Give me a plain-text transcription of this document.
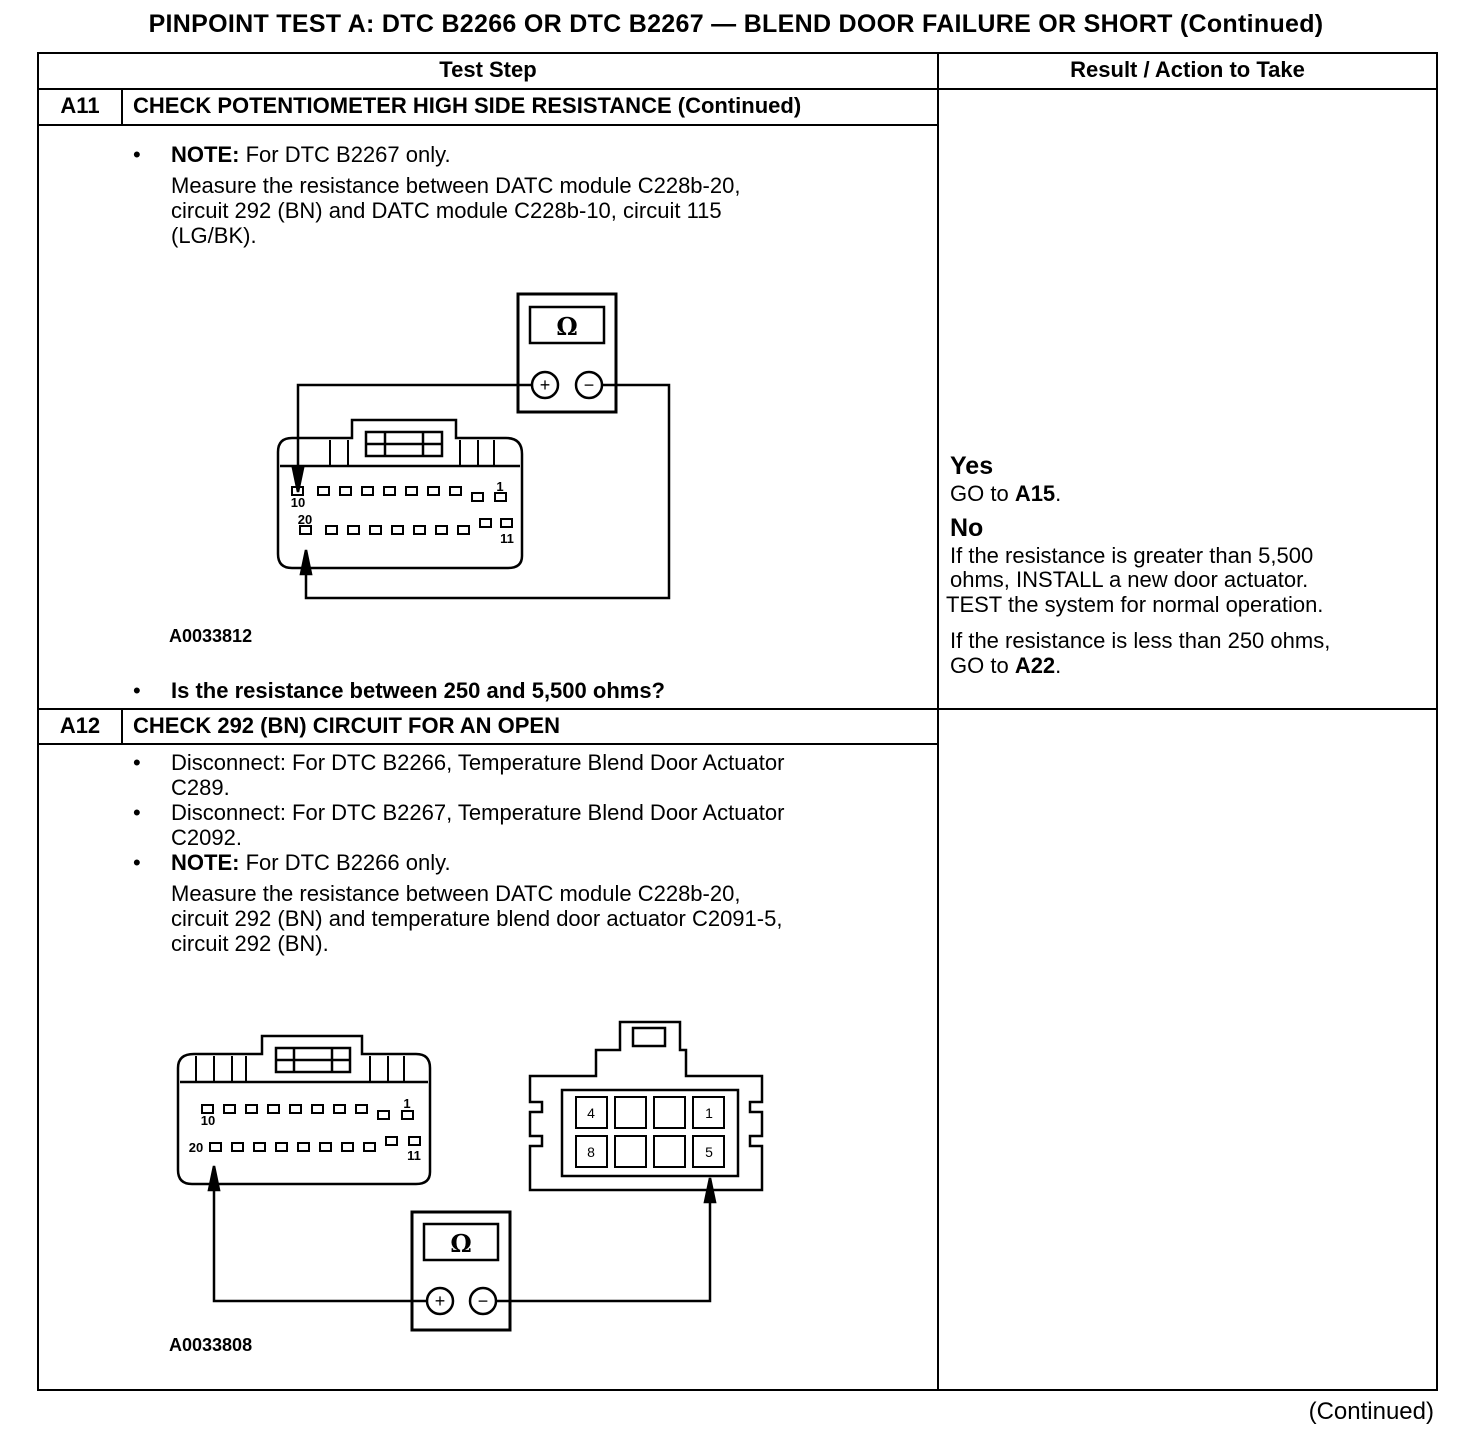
PINPOINT TEST A: DTC B2266 OR DTC B2267 — BLEND DOOR FAILURE OR SHORT (Continued)
Test Step	Result / Action to Take
A11	CHECK POTENTIOMETER HIGH SIDE RESISTANCE (Continued)
• NOTE: For DTC B2267 only.
Measure the resistance between DATC module C228b-20,
circuit 292 (BN) and DATC module C228b-10, circuit 115
(LG/BK).
Ω
+ −
10
1
20
11
10
1
20
11
4	1
8	5
Ω
+ −
A0033812
• Is the resistance between 250 and 5,500 ohms?
Yes
GO to A15.
No
If the resistance is greater than 5,500
ohms, INSTALL a new door actuator.
TEST the system for normal operation.
If the resistance is less than 250 ohms,
GO to A22.
A12	CHECK 292 (BN) CIRCUIT FOR AN OPEN
• Disconnect: For DTC B2266, Temperature Blend Door Actuator
C289.
• Disconnect: For DTC B2267, Temperature Blend Door Actuator
C2092.
• NOTE: For DTC B2266 only.
Measure the resistance between DATC module C228b-20,
circuit 292 (BN) and temperature blend door actuator C2091-5,
circuit 292 (BN).
A0033808
(Continued)
